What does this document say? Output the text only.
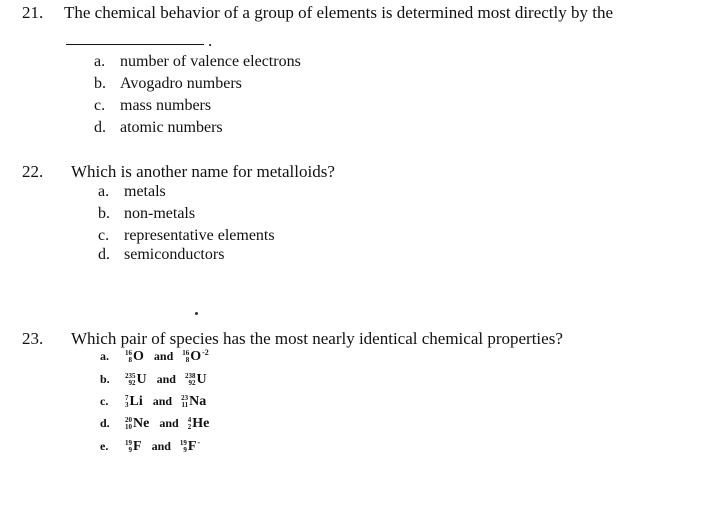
21. The chemical behavior of a group of elements is determined most directly by the
.
a. number of valence electrons
b. Avogadro numbers
c. mass numbers
d. atomic numbers
22. Which is another name for metalloids?
a. metals
b. non-metals
c. representative elements
d. semiconductors
23. Which pair of species has the most nearly identical chemical properties?
a. 16
8 O and 16
8 $O^{-2}$
b. 235
92 U and 238
92 U
c. 7
3 Li and 23
11 Na
d. 20
10 Ne and 4
2 He
e. 19
9 F and 19
9 F-
